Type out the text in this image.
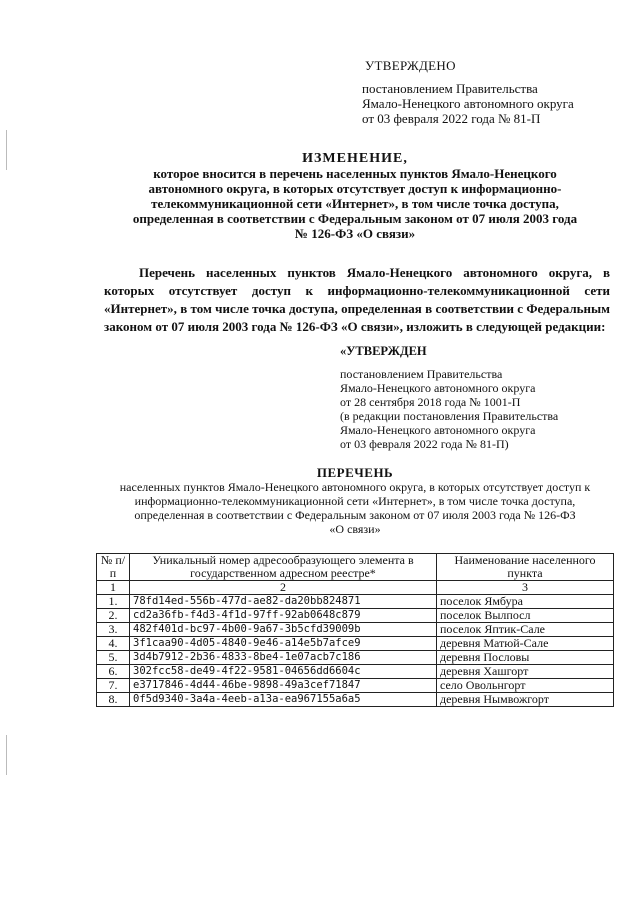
УТВЕРЖДЕНО
постановлением Правительства
Ямало-Ненецкого автономного округа
от 03 февраля 2022 года № 81-П
ИЗМЕНЕНИЕ,
которое вносится в перечень населенных пунктов Ямало-Ненецкого
автономного округа, в которых отсутствует доступ к информационно-
телекоммуникационной сети «Интернет», в том числе точка доступа,
определенная в соответствии с Федеральным законом от 07 июля 2003 года
№ 126-ФЗ «О связи»
Перечень населенных пунктов Ямало-Ненецкого автономного округа, в которых отсутствует доступ к информационно-телекоммуникационной сети «Интернет», в том числе точка доступа, определенная в соответствии с Федеральным законом от 07 июля 2003 года № 126-ФЗ «О связи», изложить в следующей редакции:
«УТВЕРЖДЕН
постановлением Правительства
Ямало-Ненецкого автономного округа
от 28 сентября 2018 года № 1001-П
(в редакции постановления Правительства
Ямало-Ненецкого автономного округа
от 03 февраля 2022 года № 81-П)
ПЕРЕЧЕНЬ
населенных пунктов Ямало-Ненецкого автономного округа, в которых отсутствует доступ к
информационно-телекоммуникационной сети «Интернет», в том числе точка доступа,
определенная в соответствии с Федеральным законом от 07 июля 2003 года № 126-ФЗ
«О связи»
№ п/п	Уникальный номер адресообразующего элемента в государственном адресном реестре*	Наименование населенного пункта
1	2	3
1.	78fd14ed-556b-477d-ae82-da20bb824871	поселок Ямбура
2.	cd2a36fb-f4d3-4f1d-97ff-92ab0648c879	поселок Вылпосл
3.	482f401d-bc97-4b00-9a67-3b5cfd39009b	поселок Яптик-Сале
4.	3f1caa90-4d05-4840-9e46-a14e5b7afce9	деревня Матюй-Сале
5.	3d4b7912-2b36-4833-8be4-1e07acb7c186	деревня Пословы
6.	302fcc58-de49-4f22-9581-04656dd6604c	деревня Хашгорт
7.	e3717846-4d44-46be-9898-49a3cef71847	село Овольнгорт
8.	0f5d9340-3a4a-4eeb-a13a-ea967155a6a5	деревня Нымвожгорт
